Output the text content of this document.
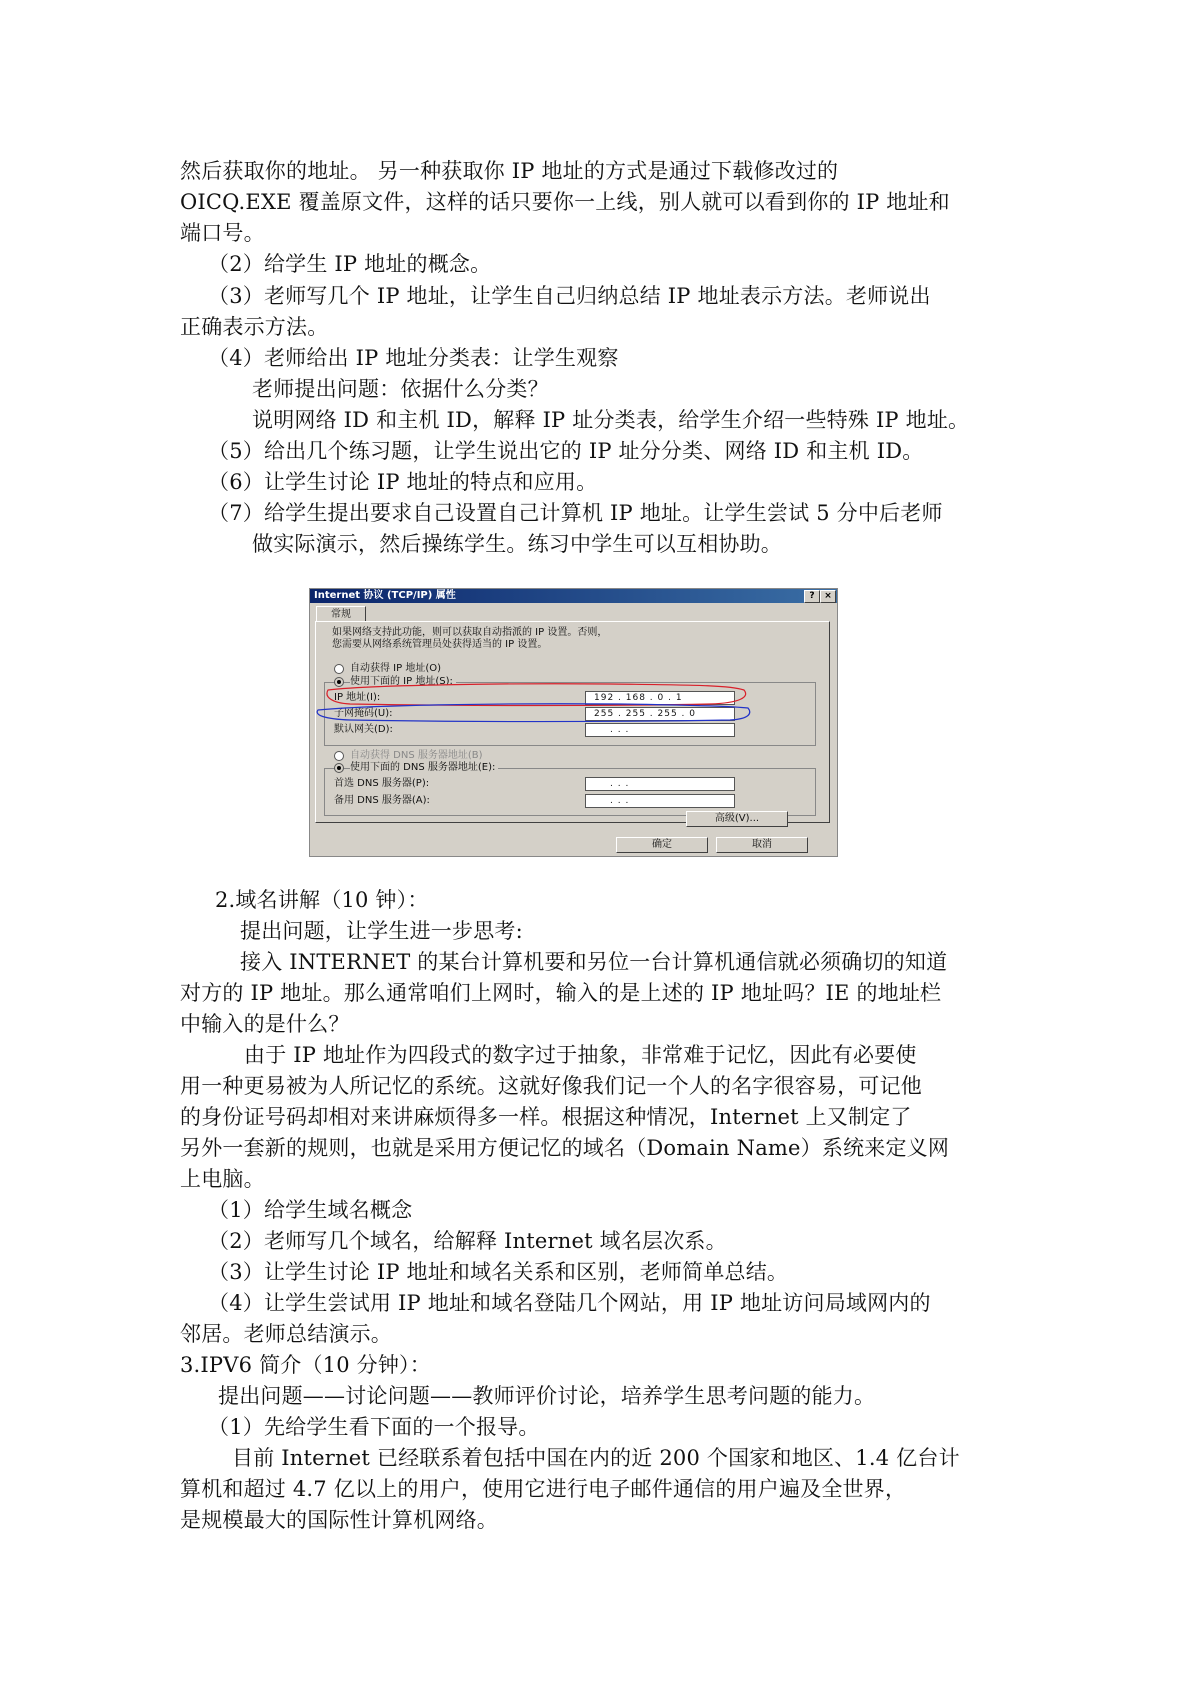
然后获取你的地址。 另一种获取你 IP 地址的方式是通过下载修改过的
OICQ.EXE 覆盖原文件，这样的话只要你一上线，别人就可以看到你的 IP 地址和
端口号。
（2）给学生 IP 地址的概念。
（3）老师写几个 IP 地址，让学生自己归纳总结 IP 地址表示方法。老师说出
正确表示方法。
（4）老师给出 IP 地址分类表：让学生观察
老师提出问题：依据什么分类？
说明网络 ID 和主机 ID，解释 IP 址分类表，给学生介绍一些特殊 IP 地址。
（5）给出几个练习题，让学生说出它的 IP 址分分类、网络 ID 和主机 ID。
（6）让学生讨论 IP 地址的特点和应用。
（7）给学生提出要求自己设置自己计算机 IP 地址。让学生尝试 5 分中后老师
做实际演示，然后操练学生。练习中学生可以互相协助。
Internet 协议 (TCP/IP) 属性	?	×
常规
如果网络支持此功能，则可以获取自动指派的 IP 设置。否则，
您需要从网络系统管理员处获得适当的 IP 设置。
自动获得 IP 地址(O)
使用下面的 IP 地址(S):
IP 地址(I):	192 . 168 . 0 . 1
子网掩码(U):	255 . 255 . 255 . 0
默认网关(D):	. . .
自动获得 DNS 服务器地址(B)
使用下面的 DNS 服务器地址(E):
首选 DNS 服务器(P):	. . .
备用 DNS 服务器(A):	. . .
高级(V)...
确定	取消
2.域名讲解（10 钟）：
提出问题，让学生进一步思考:
接入 INTERNET 的某台计算机要和另位一台计算机通信就必须确切的知道
对方的 IP 地址。那么通常咱们上网时，输入的是上述的 IP 地址吗？IE 的地址栏
中输入的是什么？
由于 IP 地址作为四段式的数字过于抽象，非常难于记忆，因此有必要使
用一种更易被为人所记忆的系统。这就好像我们记一个人的名字很容易，可记他
的身份证号码却相对来讲麻烦得多一样。根据这种情况，Internet 上又制定了
另外一套新的规则，也就是采用方便记忆的域名（Domain Name）系统来定义网
上电脑。
（1）给学生域名概念
（2）老师写几个域名，给解释 Internet 域名层次系。
（3）让学生讨论 IP 地址和域名关系和区别，老师简单总结。
（4）让学生尝试用 IP 地址和域名登陆几个网站，用 IP 地址访问局域网内的
邻居。老师总结演示。
3.IPV6 简介（10 分钟）：
提出问题——讨论问题——教师评价讨论，培养学生思考问题的能力。
（1）先给学生看下面的一个报导。
目前 Internet 已经联系着包括中国在内的近 200 个国家和地区、1.4 亿台计
算机和超过 4.7 亿以上的用户，使用它进行电子邮件通信的用户遍及全世界，
是规模最大的国际性计算机网络。
